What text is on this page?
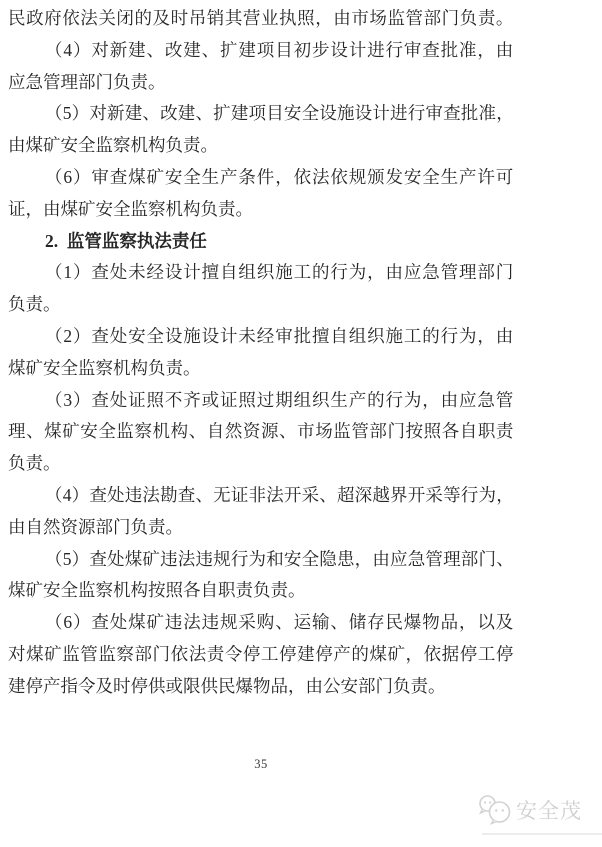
民政府依法关闭的及时吊销其营业执照，由市场监管部门负责。
（4）对新建、改建、扩建项目初步设计进行审查批准，由
应急管理部门负责。
（5）对新建、改建、扩建项目安全设施设计进行审查批准，
由煤矿安全监察机构负责。
（6）审查煤矿安全生产条件，依法依规颁发安全生产许可
证，由煤矿安全监察机构负责。
2.  监管监察执法责任
（1）查处未经设计擅自组织施工的行为，由应急管理部门
负责。
（2）查处安全设施设计未经审批擅自组织施工的行为，由
煤矿安全监察机构负责。
（3）查处证照不齐或证照过期组织生产的行为，由应急管
理、煤矿安全监察机构、自然资源、市场监管部门按照各自职责
负责。
（4）查处违法勘查、无证非法开采、超深越界开采等行为，
由自然资源部门负责。
（5）查处煤矿违法违规行为和安全隐患，由应急管理部门、
煤矿安全监察机构按照各自职责负责。
（6）查处煤矿违法违规采购、运输、储存民爆物品，以及
对煤矿监管监察部门依法责令停工停建停产的煤矿，依据停工停
建停产指令及时停供或限供民爆物品，由公安部门负责。
35
安全茂
